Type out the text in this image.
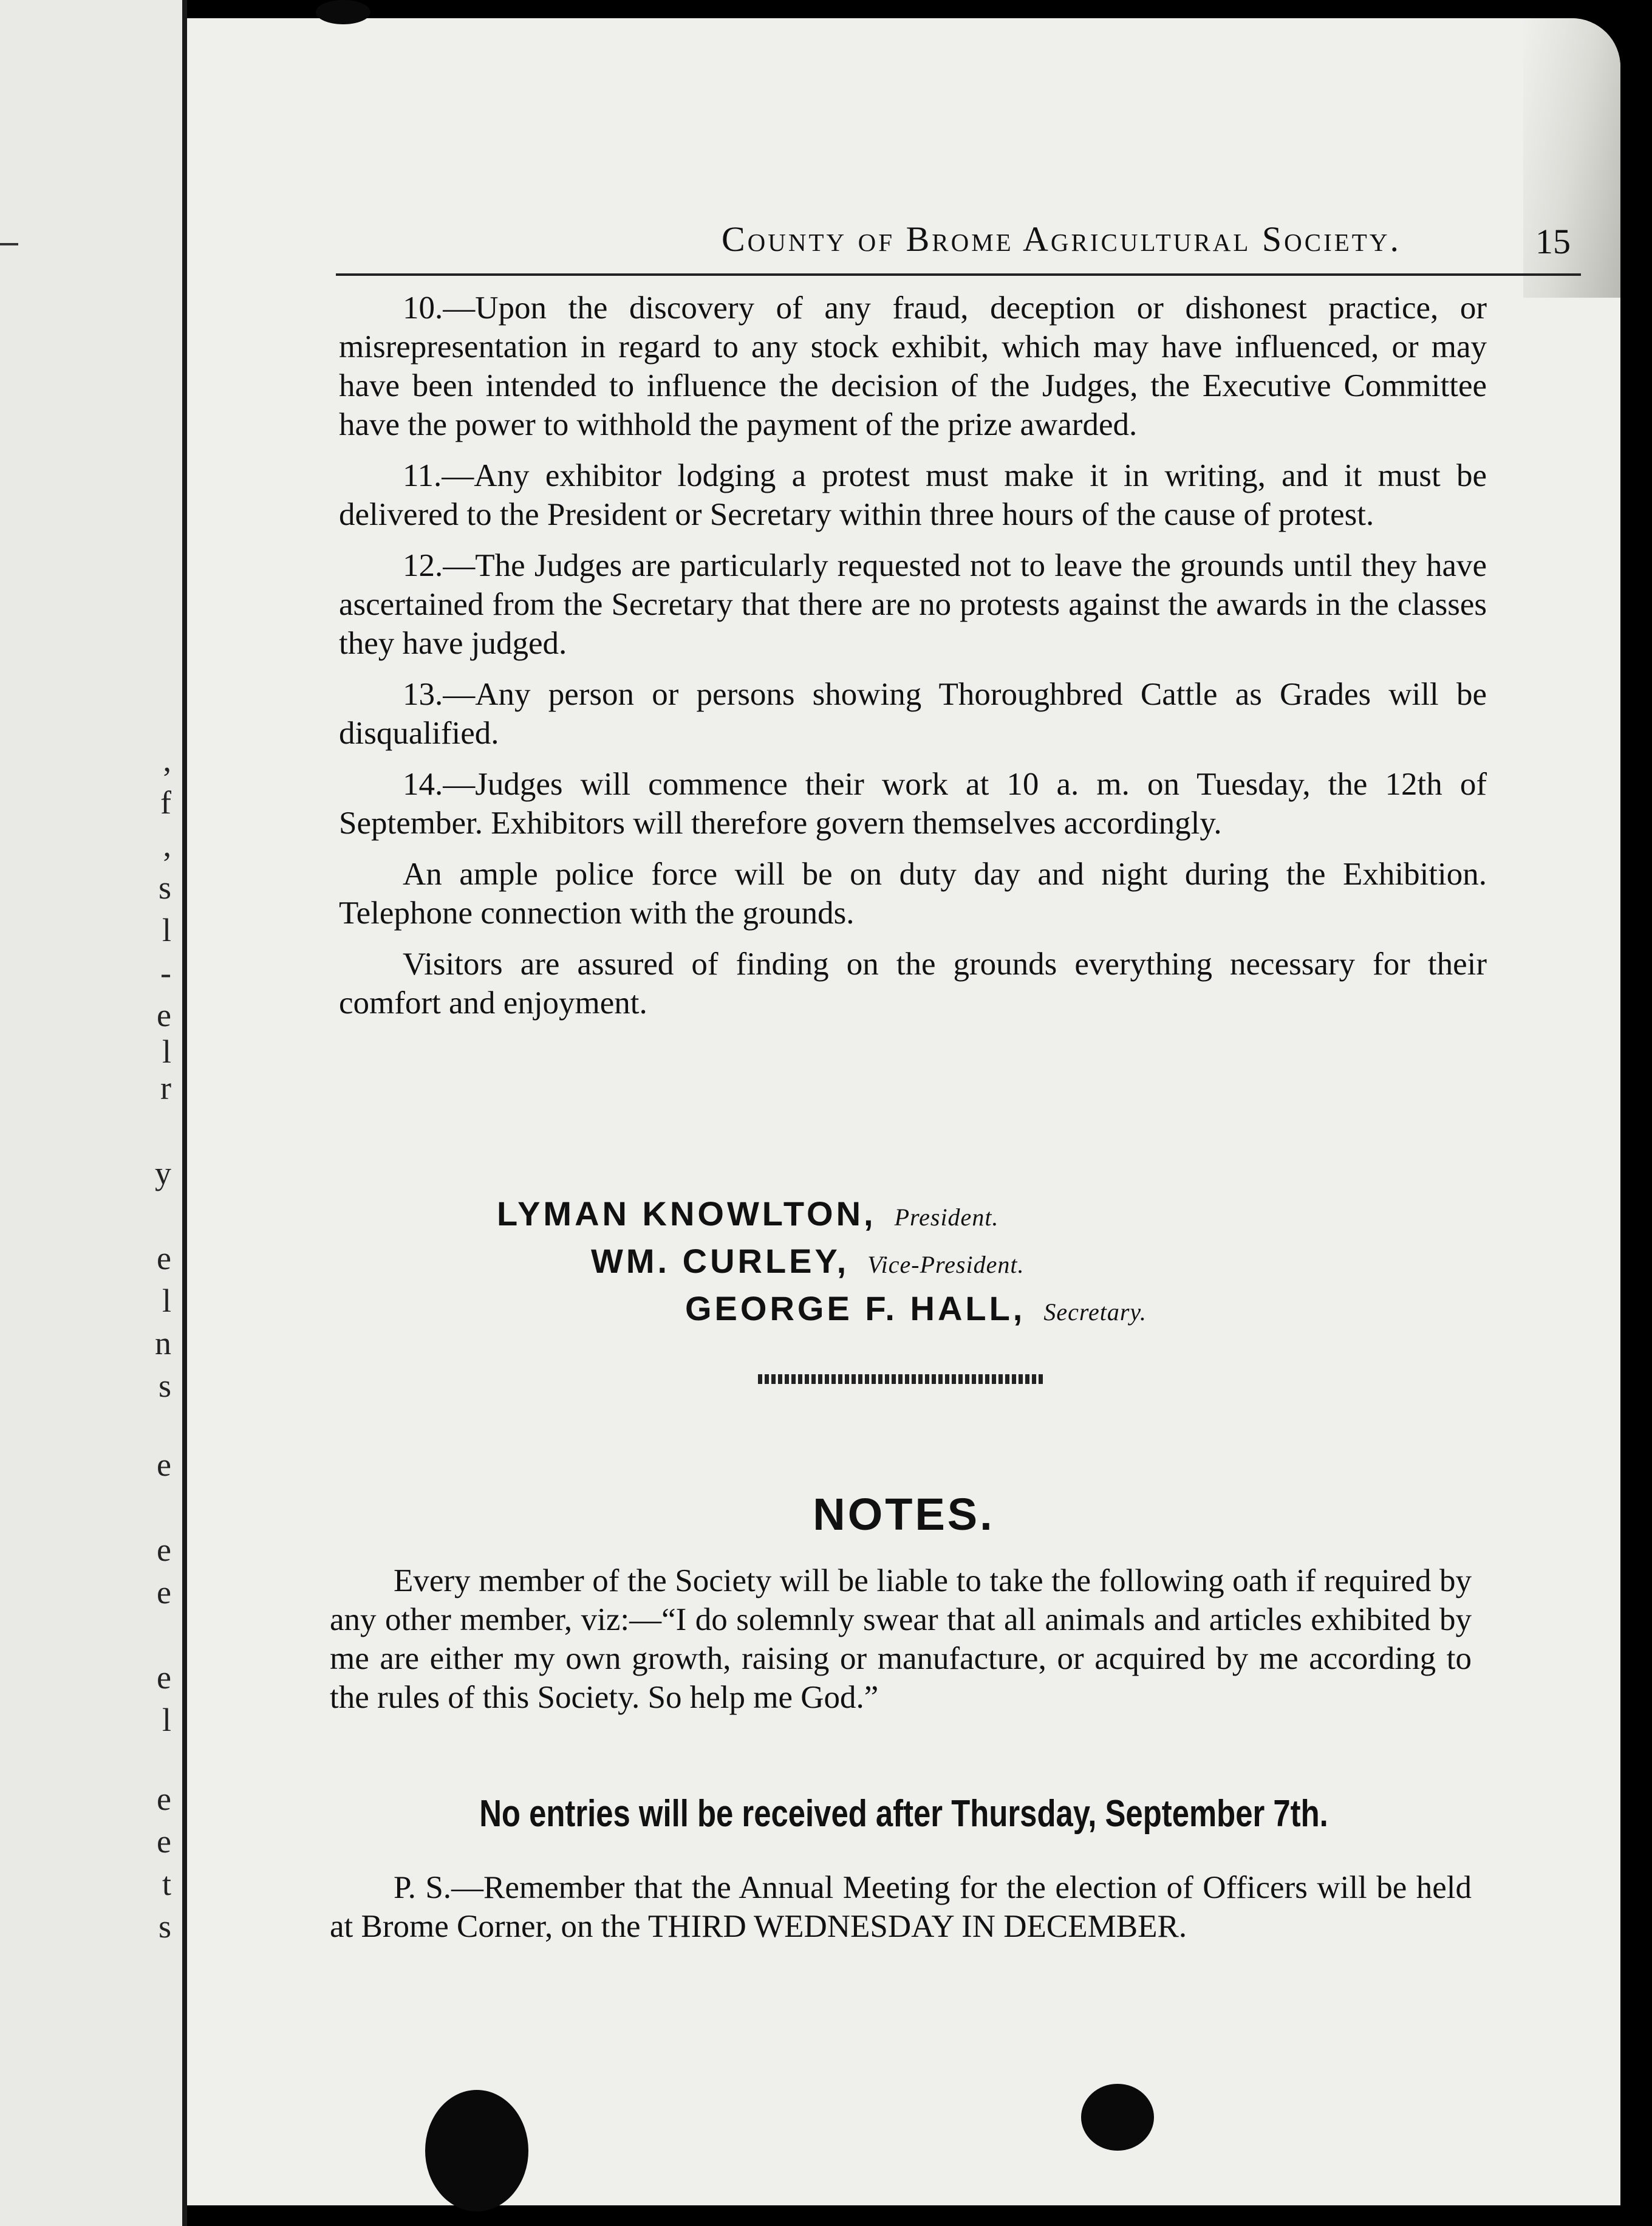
,
f
,
s
l
-
e
l
r
y
e
l
n
s
e
e
e
e
l
e
e
t
s
County of Brome Agricultural Society.	15

10.—Upon the discovery of any fraud, deception or dishonest practice, or misrepresentation in regard to any stock exhibit, which may have influenced, or may have been intended to influence the decision of the Judges, the Executive Committee have the power to withhold the payment of the prize awarded.

11.—Any exhibitor lodging a protest must make it in writing, and it must be delivered to the President or Secretary within three hours of the cause of protest.

12.—The Judges are particularly requested not to leave the grounds until they have ascertained from the Secretary that there are no protests against the awards in the classes they have judged.

13.—Any person or persons showing Thoroughbred Cattle as Grades will be disqualified.

14.—Judges will commence their work at 10 a. m. on Tuesday, the 12th of September. Exhibitors will therefore govern themselves accordingly.

An ample police force will be on duty day and night during the Exhibition. Telephone connection with the grounds.

Visitors are assured of finding on the grounds everything necessary for their comfort and enjoyment.

LYMAN KNOWLTON, President.
WM. CURLEY, Vice-President.
GEORGE F. HALL, Secretary.
NOTES.

Every member of the Society will be liable to take the following oath if required by any other member, viz:—“I do solemnly swear that all animals and articles exhibited by me are either my own growth, raising or manufacture, or acquired by me according to the rules of this Society. So help me God.”

No entries will be received after Thursday, September 7th.

P. S.—Remember that the Annual Meeting for the election of Officers will be held at Brome Corner, on the THIRD WEDNESDAY IN DECEMBER.
